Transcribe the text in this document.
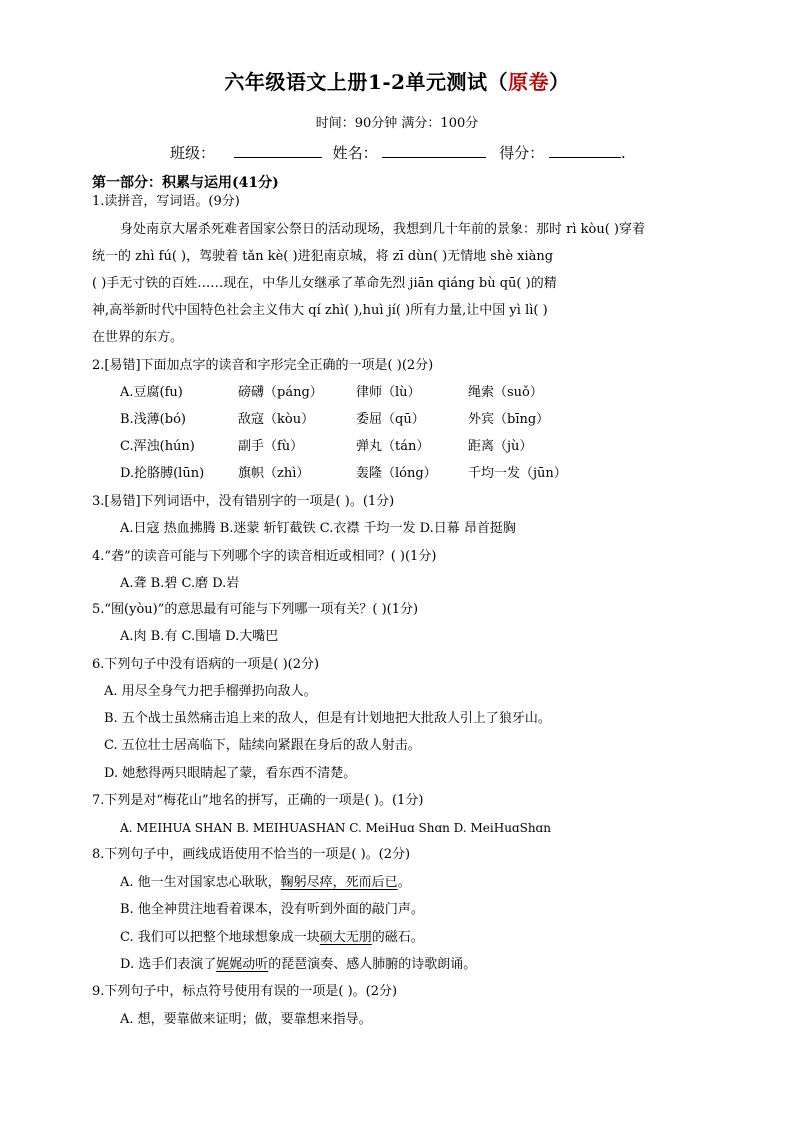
六年级语文上册1-2单元测试（原卷）
时间：90分钟 满分：100分
班级：	姓名：	得分：	.
第一部分：积累与运用(41分)
1.读拼音，写词语。(9分)
身处南京大屠杀死难者国家公祭日的活动现场，我想到几十年前的景象：那时 rì kòu( )穿着
统一的 zhì fú( )，驾驶着 tǎn kè( )进犯南京城，将 zī dùn( )无情地 shè xiàng
( )手无寸铁的百姓……现在，中华儿女继承了革命先烈 jiān qiáng bù qū( )的精
神,高举新时代中国特色社会主义伟大 qí zhì( ),huì jí( )所有力量,让中国 yì lì( )
在世界的东方。
2.[易错]下面加点字的读音和字形完全正确的一项是( )(2分)
A.豆腐(fu)	磅礴（páng）	律师（lù）	绳索（suǒ）
B.浅薄(bó)	敌寇（kòu）	委屈（qū）	外宾（bīng）
C.浑浊(hún)	副手（fù）	弹丸（tán）	距离（jù）
D.抡胳膊(lūn)	旗帜（zhì）	轰隆（lóng） 千均一发（jūn）
3.[易错]下列词语中，没有错别字的一项是( )。(1分)
A.日寇 热血拂腾 B.迷蒙 斩钉截铁 C.衣襟 千均一发 D.日幕 昂首挺胸
4.“砻”的读音可能与下列哪个字的读音相近或相同？( )(1分)
A.聋 B.碧 C.磨 D.岩
5.“囿(yòu)”的意思最有可能与下列哪一项有关？( )(1分)
A.肉 B.有 C.围墙 D.大嘴巴
6.下列句子中没有语病的一项是( )(2分)
A. 用尽全身气力把手榴弹扔向敌人。
B. 五个战士虽然痛击追上来的敌人，但是有计划地把大批敌人引上了狼牙山。
C. 五位壮士居高临下，陆续向紧跟在身后的敌人射击。
D. 她愁得两只眼睛起了蒙，看东西不清楚。
7.下列是对“梅花山”地名的拼写，正确的一项是( )。(1分)
A. MEIHUA SHAN B. MEIHUASHAN C. MeiHuɑ Shɑn D. MeiHuɑShɑn
8.下列句子中，画线成语使用不恰当的一项是( )。(2分)
A. 他一生对国家忠心耿耿，鞠躬尽瘁，死而后已。
B. 他全神贯注地看着课本，没有听到外面的敲门声。
C. 我们可以把整个地球想象成一块硕大无朋的磁石。
D. 选手们表演了娓娓动听的琵琶演奏、感人肺腑的诗歌朗诵。
9.下列句子中，标点符号使用有误的一项是( )。(2分)
A. 想，要靠做来证明；做，要靠想来指导。
